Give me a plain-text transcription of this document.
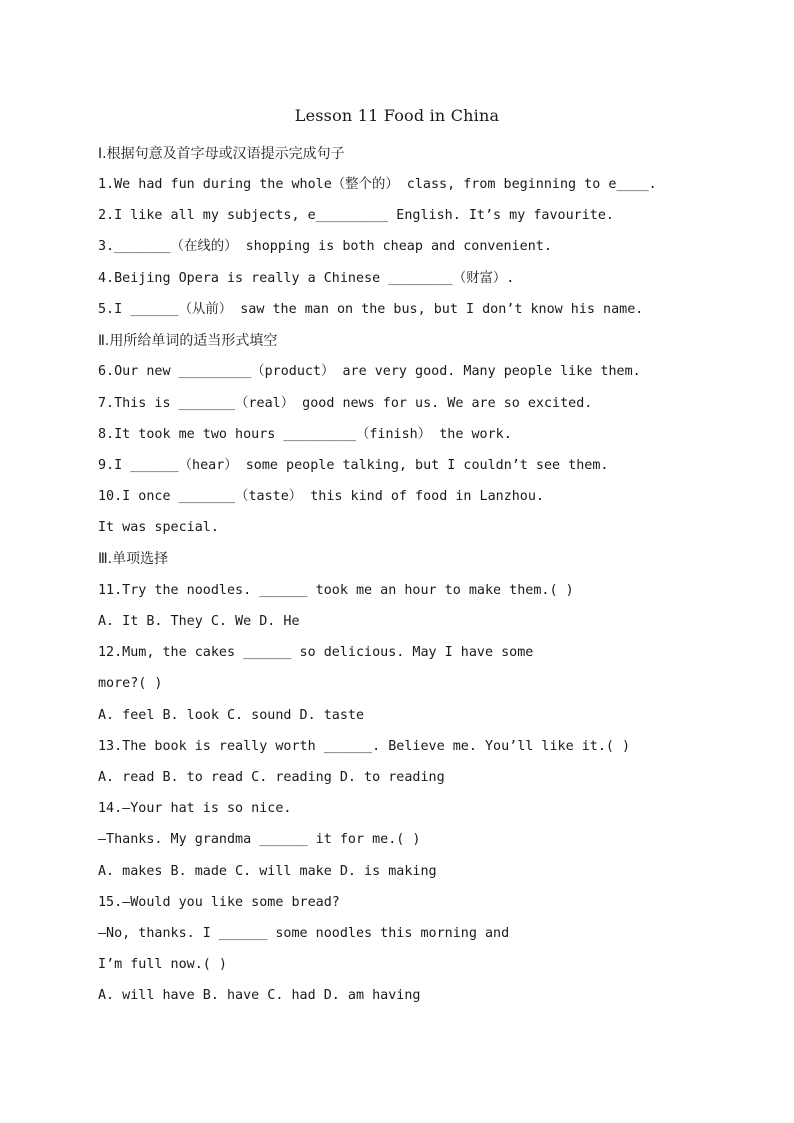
Lesson 11 Food in China
Ⅰ.根据句意及首字母或汉语提示完成句子
1.We had fun during the whole（整个的） class, from beginning to e____.
2.I like all my subjects, e_________ English. It’s my favourite.
3._______（在线的） shopping is both cheap and convenient.
4.Beijing Opera is really a Chinese ________（财富）.
5.I ______（从前） saw the man on the bus, but I don’t know his name.
Ⅱ.用所给单词的适当形式填空
6.Our new _________（product） are very good. Many people like them.
7.This is _______（real） good news for us. We are so excited.
8.It took me two hours _________（finish） the work.
9.I ______（hear） some people talking, but I couldn’t see them.
10.I once _______（taste） this kind of food in Lanzhou.
It was special.
Ⅲ.单项选择
11.Try the noodles. ______ took me an hour to make them.( )
A. It B. They C. We D. He
12.Mum, the cakes ______ so delicious. May I have some
more?( )
A. feel B. look C. sound D. taste
13.The book is really worth ______. Believe me. You’ll like it.( )
A. read B. to read C. reading D. to reading
14.—Your hat is so nice.
—Thanks. My grandma ______ it for me.( )
A. makes B. made C. will make D. is making
15.—Would you like some bread?
—No, thanks. I ______ some noodles this morning and
I’m full now.( )
A. will have B. have C. had D. am having
